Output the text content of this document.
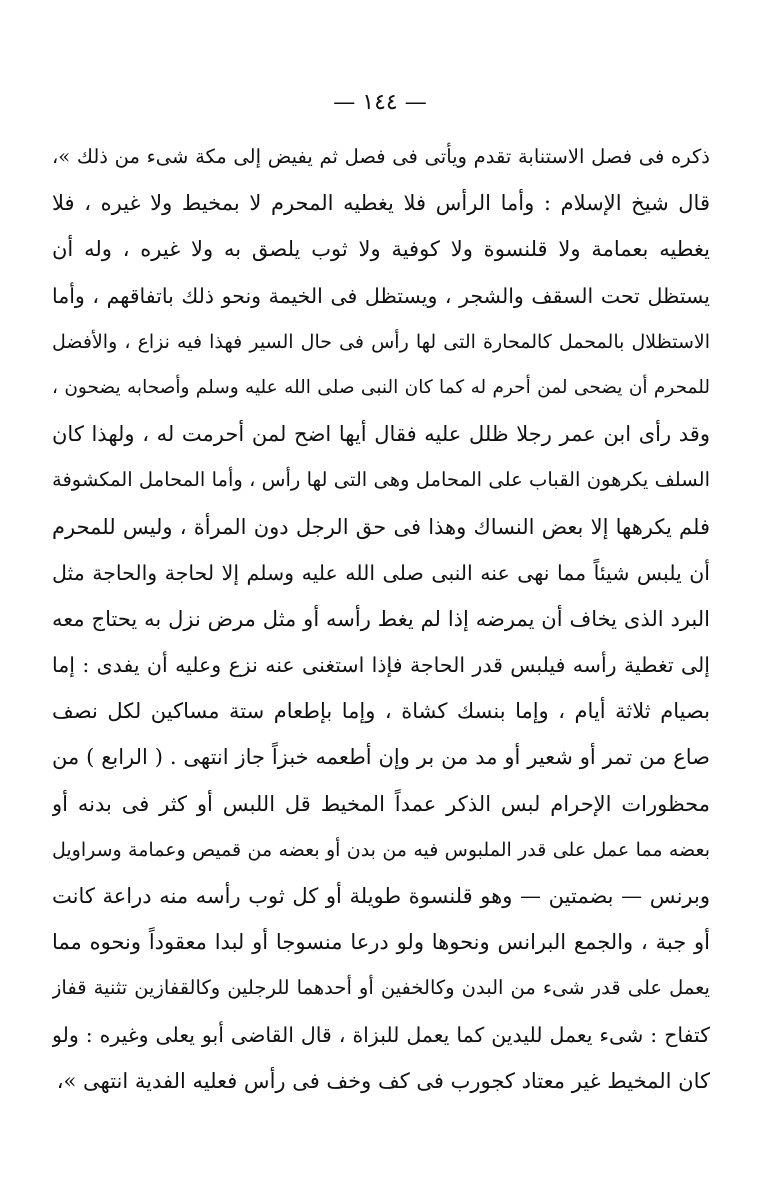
— ١٤٤ —
ذكره فى فصل الاستنابة تقدم ويأتى فى فصل ثم يفيض إلى مكة شىء من ذلك »،
قال شيخ الإسلام : وأما الرأس فلا يغطيه المحرم لا بمخيط ولا غيره ، فلا
يغطيه بعمامة ولا قلنسوة ولا كوفية ولا ثوب يلصق به ولا غيره ، وله أن
يستظل تحت السقف والشجر ، ويستظل فى الخيمة ونحو ذلك باتفاقهم ، وأما
الاستظلال بالمحمل كالمحارة التى لها رأس فى حال السير فهذا فيه نزاع ، والأفضل
للمحرم أن يضحى لمن أحرم له كما كان النبى صلى الله عليه وسلم وأصحابه يضحون ،
وقد رأى ابن عمر رجلا ظلل عليه فقال أيها اضح لمن أحرمت له ، ولهذا كان
السلف يكرهون القباب على المحامل وهى التى لها رأس ، وأما المحامل المكشوفة
فلم يكرهها إلا بعض النساك وهذا فى حق الرجل دون المرأة ، وليس للمحرم
أن يلبس شيئاً مما نهى عنه النبى صلى الله عليه وسلم إلا لحاجة والحاجة مثل
البرد الذى يخاف أن يمرضه إذا لم يغط رأسه أو مثل مرض نزل به يحتاج معه
إلى تغطية رأسه فيلبس قدر الحاجة فإذا استغنى عنه نزع وعليه أن يفدى : إما
بصيام ثلاثة أيام ، وإما بنسك كشاة ، وإما بإطعام ستة مساكين لكل نصف
صاع من تمر أو شعير أو مد من بر وإن أطعمه خبزاً جاز انتهى . ( الرابع ) من
محظورات الإحرام لبس الذكر عمداً المخيط قل اللبس أو كثر فى بدنه أو
بعضه مما عمل على قدر الملبوس فيه من بدن أو بعضه من قميص وعمامة وسراويل
وبرنس — بضمتين — وهو قلنسوة طويلة أو كل ثوب رأسه منه دراعة كانت
أو جبة ، والجمع البرانس ونحوها ولو درعا منسوجا أو لبدا معقوداً ونحوه مما
يعمل على قدر شىء من البدن وكالخفين أو أحدهما للرجلين وكالقفازين تثنية قفاز
كتفاح : شىء يعمل لليدين كما يعمل للبزاة ، قال القاضى أبو يعلى وغيره : ولو
كان المخيط غير معتاد كجورب فى كف وخف فى رأس فعليه الفدية انتهى »،
